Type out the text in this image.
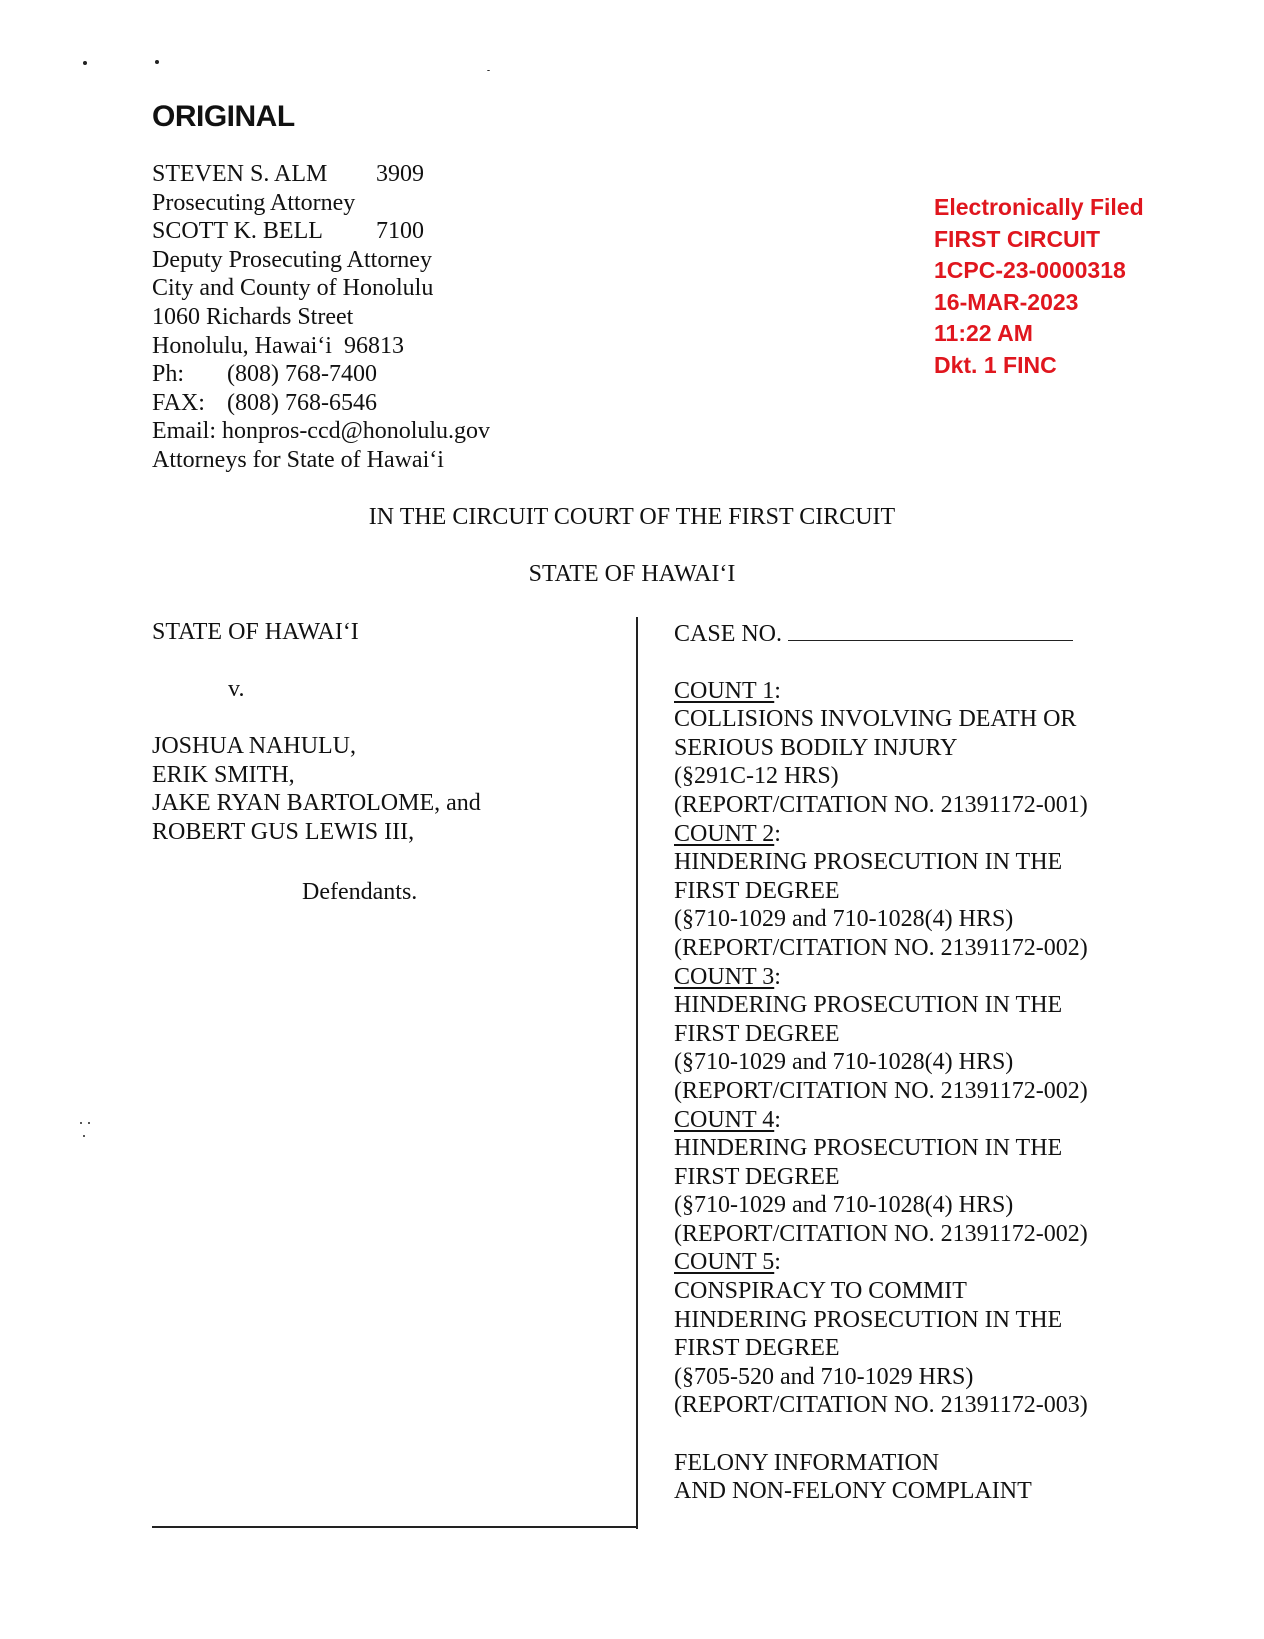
ORIGINAL
STEVEN S. ALM 3909
Prosecuting Attorney
SCOTT K. BELL 7100
Deputy Prosecuting Attorney
City and County of Honolulu
1060 Richards Street
Honolulu, Hawaiʻi  96813
Ph: (808) 768-7400
FAX: (808) 768-6546
Email: honpros-ccd@honolulu.gov
Attorneys for State of Hawaiʻi
Electronically Filed
FIRST CIRCUIT
1CPC-23-0000318
16-MAR-2023
11:22 AM
Dkt. 1 FINC
IN THE CIRCUIT COURT OF THE FIRST CIRCUIT
STATE OF HAWAIʻI
STATE OF HAWAIʻI
v.
JOSHUA NAHULU,
ERIK SMITH,
JAKE RYAN BARTOLOME, and
ROBERT GUS LEWIS III,
Defendants.
CASE NO.
COUNT 1:
COLLISIONS INVOLVING DEATH OR
SERIOUS BODILY INJURY
(§291C-12 HRS)
(REPORT/CITATION NO. 21391172-001)
COUNT 2:
HINDERING PROSECUTION IN THE
FIRST DEGREE
(§710-1029 and 710-1028(4) HRS)
(REPORT/CITATION NO. 21391172-002)
COUNT 3:
HINDERING PROSECUTION IN THE
FIRST DEGREE
(§710-1029 and 710-1028(4) HRS)
(REPORT/CITATION NO. 21391172-002)
COUNT 4:
HINDERING PROSECUTION IN THE
FIRST DEGREE
(§710-1029 and 710-1028(4) HRS)
(REPORT/CITATION NO. 21391172-002)
COUNT 5:
CONSPIRACY TO COMMIT
HINDERING PROSECUTION IN THE
FIRST DEGREE
(§705-520 and 710-1029 HRS)
(REPORT/CITATION NO. 21391172-003)
FELONY INFORMATION
AND NON-FELONY COMPLAINT
